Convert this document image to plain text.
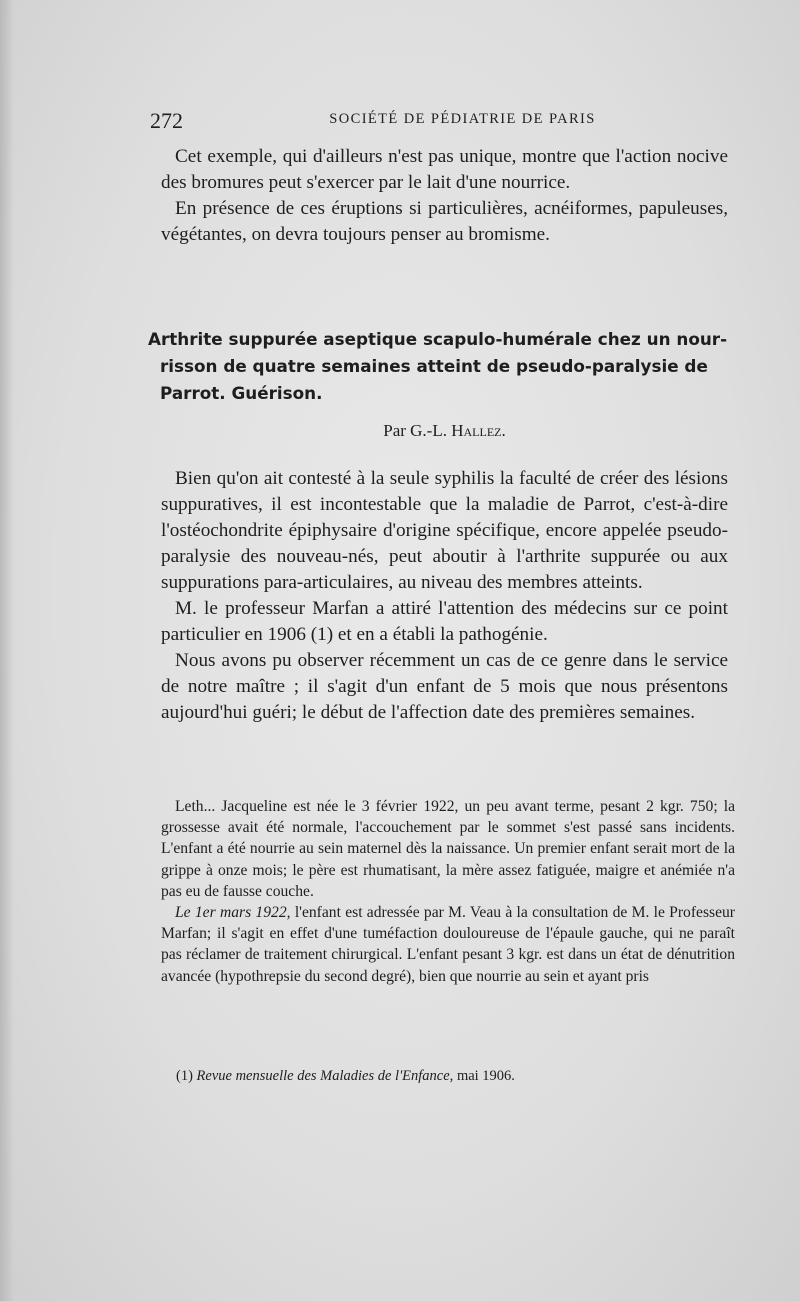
272	SOCIÉTÉ DE PÉDIATRIE DE PARIS

Cet exemple, qui d'ailleurs n'est pas unique, montre que l'action nocive des bromures peut s'exercer par le lait d'une nourrice.

En présence de ces éruptions si particulières, acnéiformes, papuleuses, végétantes, on devra toujours penser au bromisme.

Arthrite suppurée aseptique scapulo-humérale chez un nour-
risson de quatre semaines atteint de pseudo-paralysie de
Parrot. Guérison.
Par G.-L. Hallez.

Bien qu'on ait contesté à la seule syphilis la faculté de créer des lésions suppuratives, il est incontestable que la maladie de Parrot, c'est-à-dire l'ostéochondrite épiphysaire d'origine spécifique, encore appelée pseudo-paralysie des nouveau-nés, peut aboutir à l'arthrite suppurée ou aux suppurations para-articulaires, au niveau des membres atteints.

M. le professeur Marfan a attiré l'attention des médecins sur ce point particulier en 1906 (1) et en a établi la pathogénie.

Nous avons pu observer récemment un cas de ce genre dans le service de notre maître ; il s'agit d'un enfant de 5 mois que nous présentons aujourd'hui guéri; le début de l'affection date des premières semaines.

Leth... Jacqueline est née le 3 février 1922, un peu avant terme, pesant 2 kgr. 750; la grossesse avait été normale, l'accouchement par le sommet s'est passé sans incidents. L'enfant a été nourrie au sein maternel dès la naissance. Un premier enfant serait mort de la grippe à onze mois; le père est rhumatisant, la mère assez fatiguée, maigre et anémiée n'a pas eu de fausse couche.

Le 1er mars 1922, l'enfant est adressée par M. Veau à la consultation de M. le Professeur Marfan; il s'agit en effet d'une tuméfaction douloureuse de l'épaule gauche, qui ne paraît pas réclamer de traitement chirurgical. L'enfant pesant 3 kgr. est dans un état de dénutrition avancée (hypothrepsie du second degré), bien que nourrie au sein et ayant pris

(1) Revue mensuelle des Maladies de l'Enfance, mai 1906.
